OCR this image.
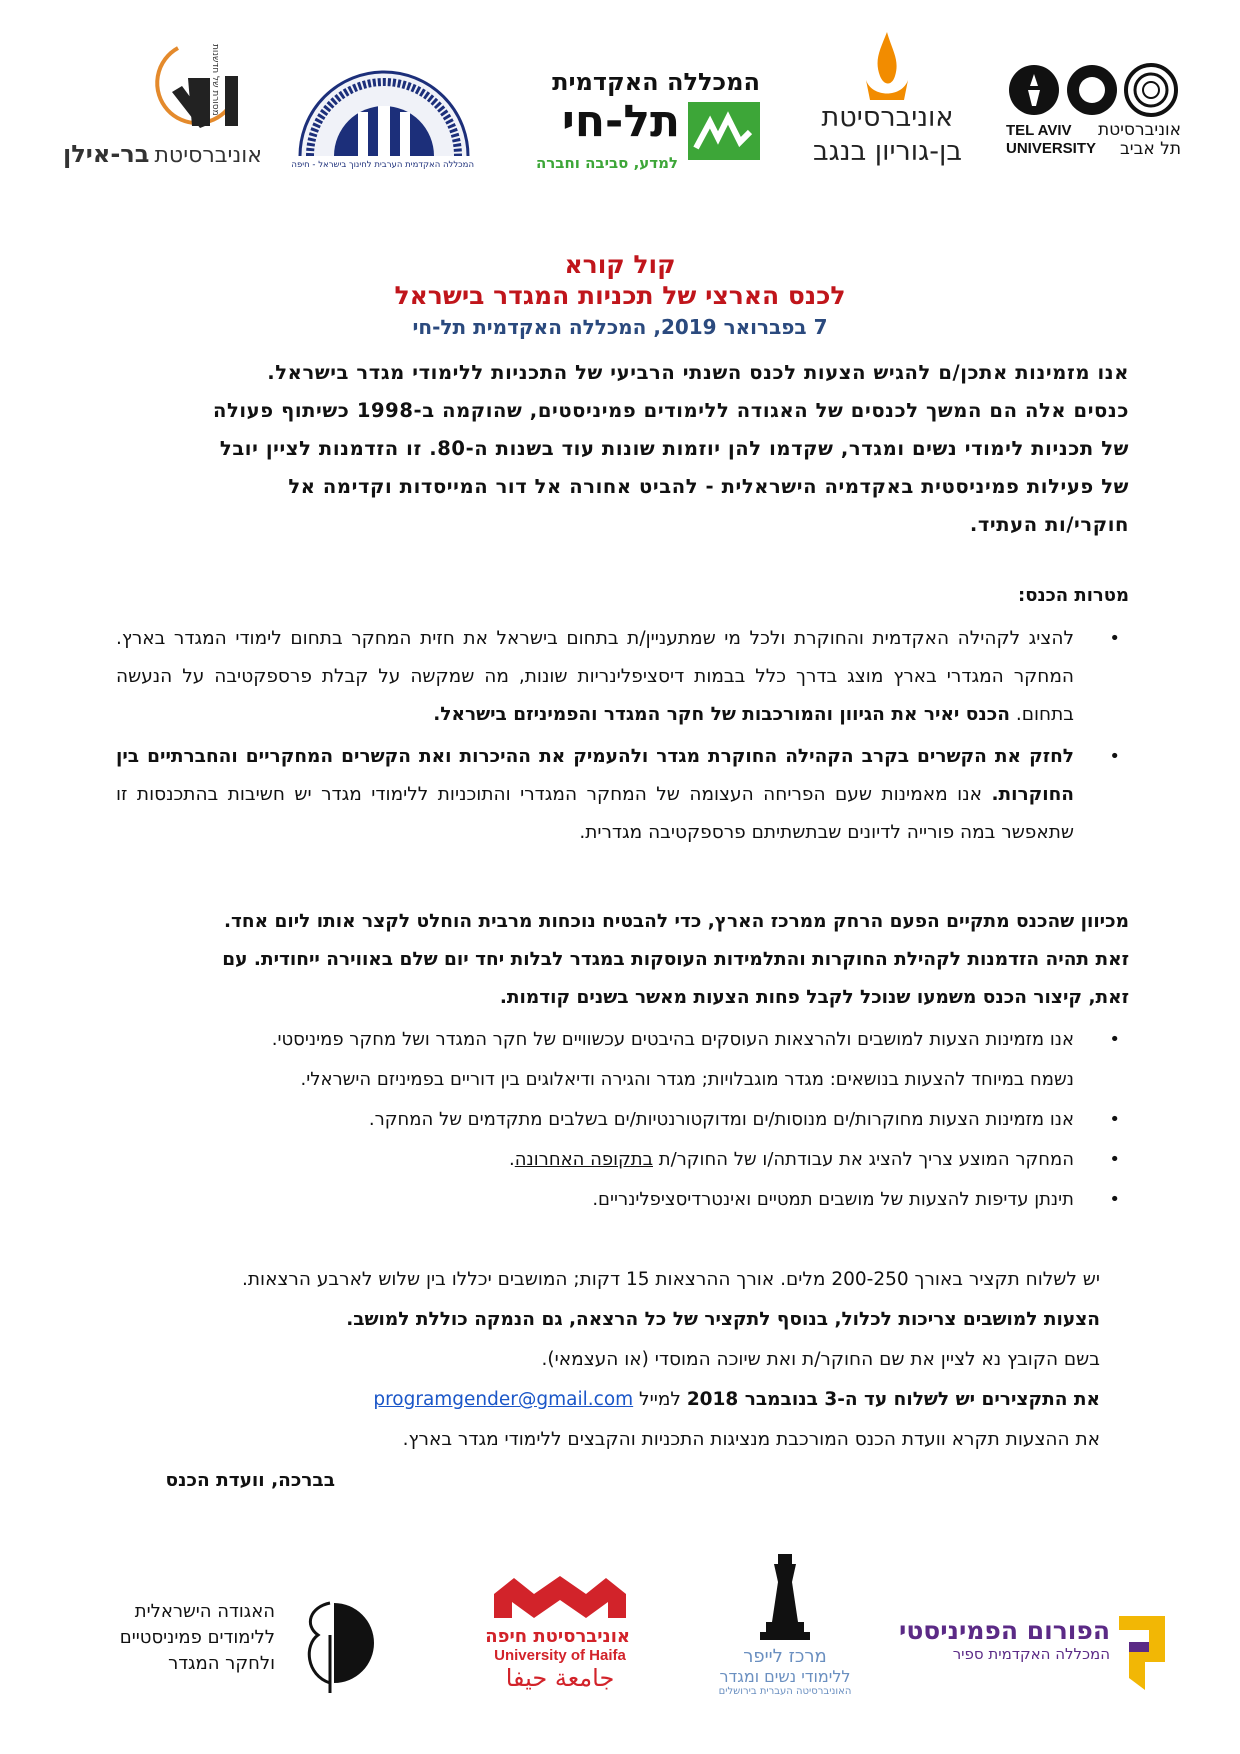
מסורת של חדשנות
אוניברסיטת בר-אילן	המכללה האקדמית הערבית לחינוך בישראל - חיפה
המכללה האקדמית
תל-חי
למדע, סביבה וחברה
אוניברסיטת
בן-גוריון בנגב
TEL AVIV
UNIVERSITY
אוניברסיטת
תל אביב
קול קורא
לכנס הארצי של תכניות המגדר בישראל
7 בפברואר 2019, המכללה האקדמית תל-חי

אנו מזמינות אתכן/ם להגיש הצעות לכנס השנתי הרביעי של התכניות ללימודי מגדר בישראל.

כנסים אלה הם המשך לכנסים של האגודה ללימודים פמיניסטים, שהוקמה ב-1998 כשיתוף פעולה

של תכניות לימודי נשים ומגדר, שקדמו להן יוזמות שונות עוד בשנות ה-80. זו הזדמנות לציין יובל

של פעילות פמיניסטית באקדמיה הישראלית - להביט אחורה אל דור המייסדות וקדימה אל

חוקרי/ות העתיד.

מטרות הכנס:
•
להציג לקהילה האקדמית והחוקרת ולכל מי שמתעניין/ת בתחום בישראל את חזית המחקר בתחום לימודי המגדר בארץ. המחקר המגדרי בארץ מוצג בדרך כלל בבמות דיסציפלינריות שונות, מה שמקשה על קבלת פרספקטיבה על הנעשה בתחום. הכנס יאיר את הגיוון והמורכבות של חקר המגדר והפמיניזם בישראל.
•
לחזק את הקשרים בקרב הקהילה החוקרת מגדר ולהעמיק את ההיכרות ואת הקשרים המחקריים והחברתיים בין החוקרות. אנו מאמינות שעם הפריחה העצומה של המחקר המגדרי והתוכניות ללימודי מגדר יש חשיבות בהתכנסות זו שתאפשר במה פורייה לדיונים שבתשתיתם פרספקטיבה מגדרית.

מכיוון שהכנס מתקיים הפעם הרחק ממרכז הארץ, כדי להבטיח נוכחות מרבית הוחלט לקצר אותו ליום אחד.

זאת תהיה הזדמנות לקהילת החוקרות והתלמידות העוסקות במגדר לבלות יחד יום שלם באווירה ייחודית. עם

זאת, קיצור הכנס משמעו שנוכל לקבל פחות הצעות מאשר בשנים קודמות.

•
אנו מזמינות הצעות למושבים ולהרצאות העוסקים בהיבטים עכשוויים של חקר המגדר ושל מחקר פמיניסטי.
נשמח במיוחד להצעות בנושאים: מגדר מוגבלויות; מגדר והגירה ודיאלוגים בין דוריים בפמיניזם הישראלי.
•
אנו מזמינות הצעות מחוקרות/ים מנוסות/ים ומדוקטורנטיות/ים בשלבים מתקדמים של המחקר.
•
המחקר המוצע צריך להציג את עבודתה/ו של החוקר/ת בתקופה האחרונה.
•
תינתן עדיפות להצעות של מושבים תמטיים ואינטרדיסציפלינריים.

יש לשלוח תקציר באורך 200-250 מלים. אורך ההרצאות 15 דקות; המושבים יכללו בין שלוש לארבע הרצאות.

הצעות למושבים צריכות לכלול, בנוסף לתקציר של כל הרצאה, גם הנמקה כוללת למושב.

בשם הקובץ נא לציין את שם החוקר/ת ואת שיוכה המוסדי (או העצמאי).

את התקצירים יש לשלוח עד ה-3 בנובמבר 2018 למייל programgender@gmail.com

את ההצעות תקרא וועדת הכנס המורכבת מנציגות התכניות והקבצים ללימודי מגדר בארץ.

בברכה, וועדת הכנס
האגודה הישראלית
ללימודים פמיניסטיים
ולחקר המגדר
אוניברסיטת חיפה
University of Haifa
جامعة حيفا
מרכז לייפר
ללימודי נשים ומגדר
האוניברסיטה העברית בירושלים
הפורום הפמיניסטי
המכללה האקדמית ספיר
